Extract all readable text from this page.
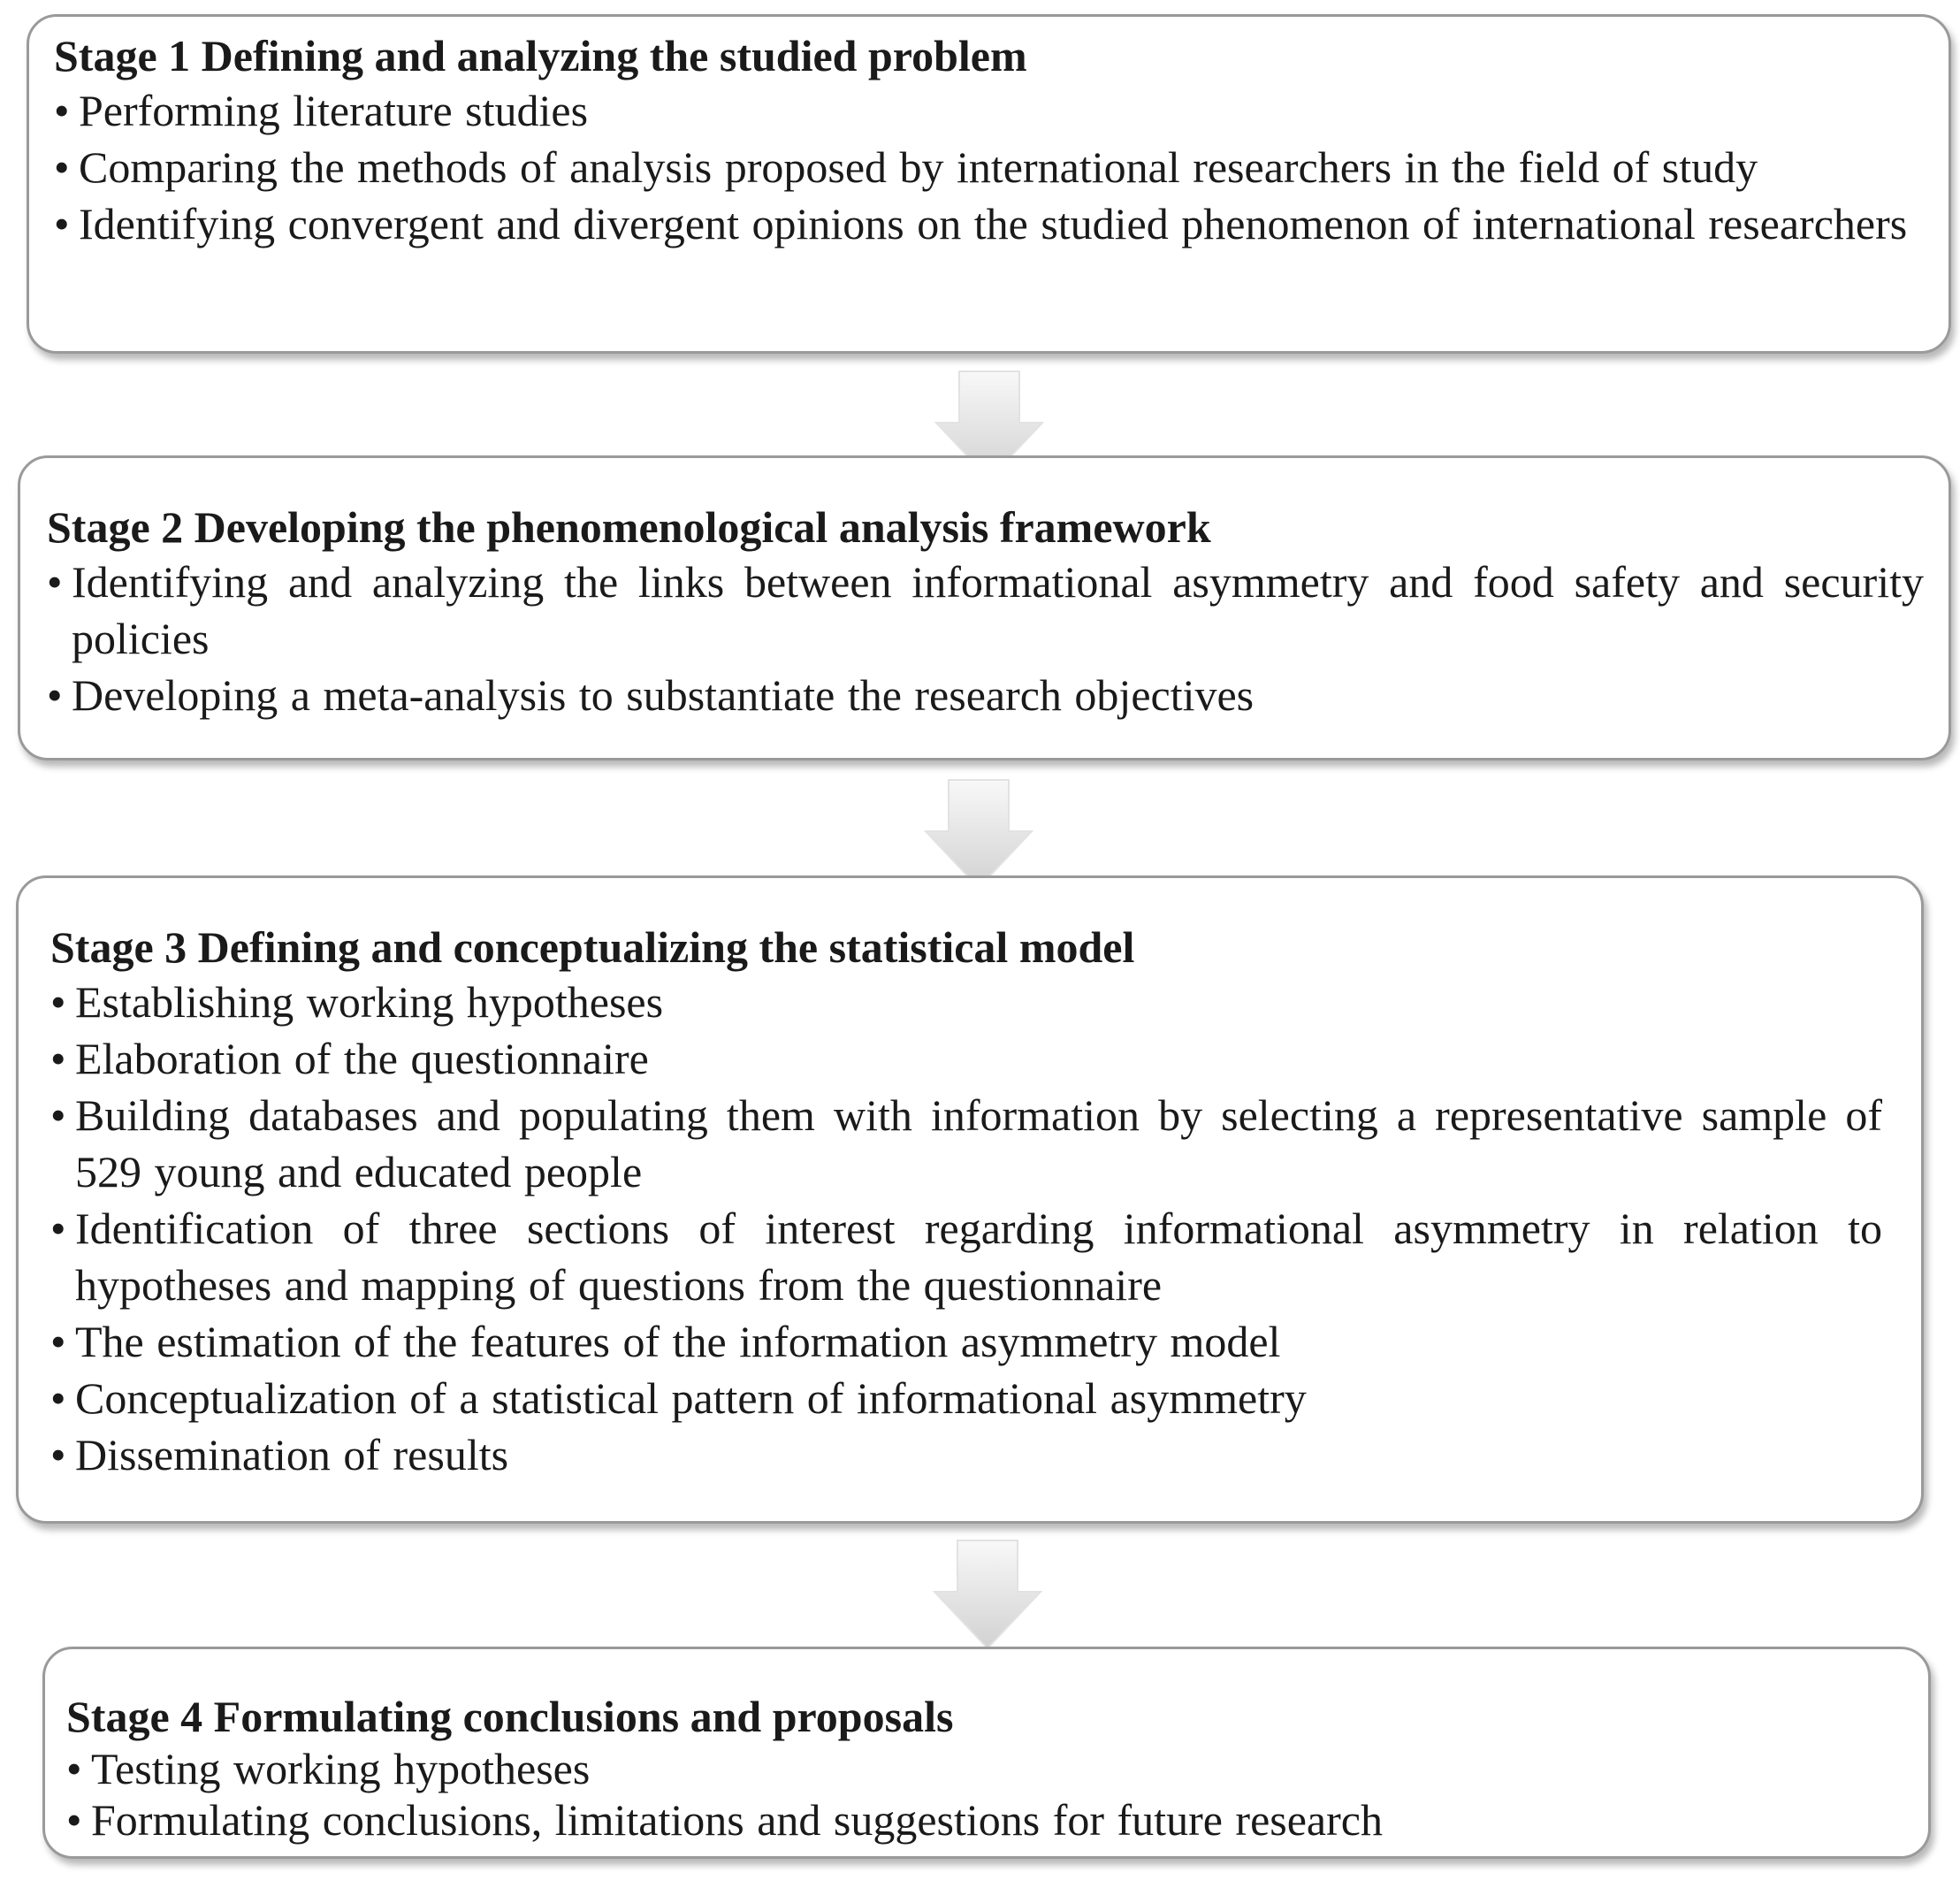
Stage 1 Defining and analyzing the studied problem
• Performing literature studies
• Comparing the methods of analysis proposed by international researchers in the field of study
• Identifying convergent and divergent opinions on the studied phenomenon of international researchers
Stage 2 Developing the phenomenological analysis framework
• Identifying and analyzing the links between informational asymmetry and food safety and security policies
• Developing a meta-analysis to substantiate the research objectives
Stage 3 Defining and conceptualizing the statistical model
• Establishing working hypotheses
• Elaboration of the questionnaire
• Building databases and populating them with information by selecting a representative sample of 529 young and educated people
• Identification of three sections of interest regarding informational asymmetry in relation to hypotheses and mapping of questions from the questionnaire
• The estimation of the features of the information asymmetry model
• Conceptualization of a statistical pattern of informational asymmetry
• Dissemination of results
Stage 4 Formulating conclusions and proposals
• Testing working hypotheses
• Formulating conclusions, limitations and suggestions for future research
